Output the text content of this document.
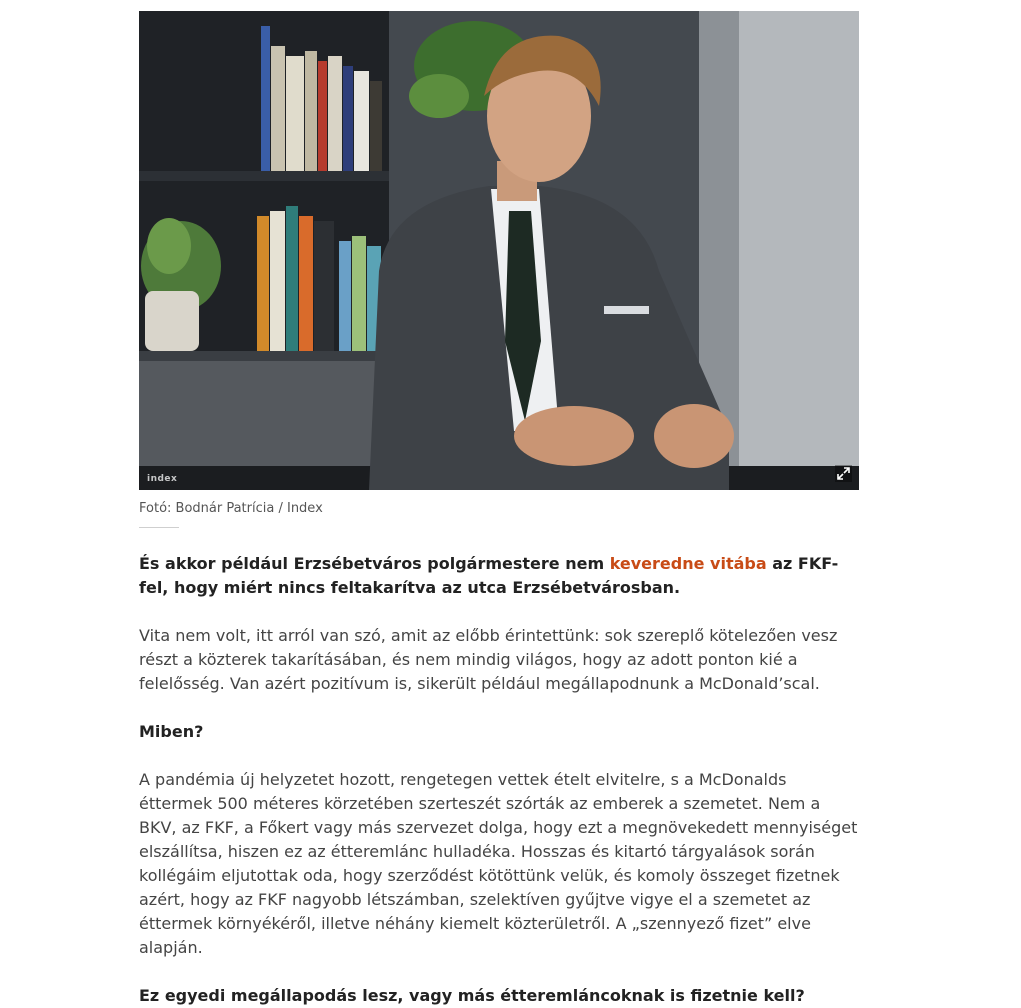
index
Fotó: Bodnár Patrícia / Index

És akkor például Erzsébetváros polgármestere nem keveredne vitába az FKF-fel, hogy miért nincs feltakarítva az utca Erzsébetvárosban.

Vita nem volt, itt arról van szó, amit az előbb érintettünk: sok szereplő kötelezően vesz részt a közterek takarításában, és nem mindig világos, hogy az adott ponton kié a felelősség. Van azért pozitívum is, sikerült például megállapodnunk a McDonald’scal.

Miben?

A pandémia új helyzetet hozott, rengetegen vettek ételt elvitelre, s a McDonalds éttermek 500 méteres körzetében szerteszét szórták az emberek a szemetet. Nem a BKV, az FKF, a Főkert vagy más szervezet dolga, hogy ezt a megnövekedett mennyiséget elszállítsa, hiszen ez az étteremlánc hulladéka. Hosszas és kitartó tárgyalások során kollégáim eljutottak oda, hogy szerződést kötöttünk velük, és komoly összeget fizetnek azért, hogy az FKF nagyobb létszámban, szelektíven gyűjtve vigye el a szemetet az éttermek környékéről, illetve néhány kiemelt közterületről. A „szennyező fizet” elve alapján.

Ez egyedi megállapodás lesz, vagy más étteremláncoknak is fizetnie kell?
